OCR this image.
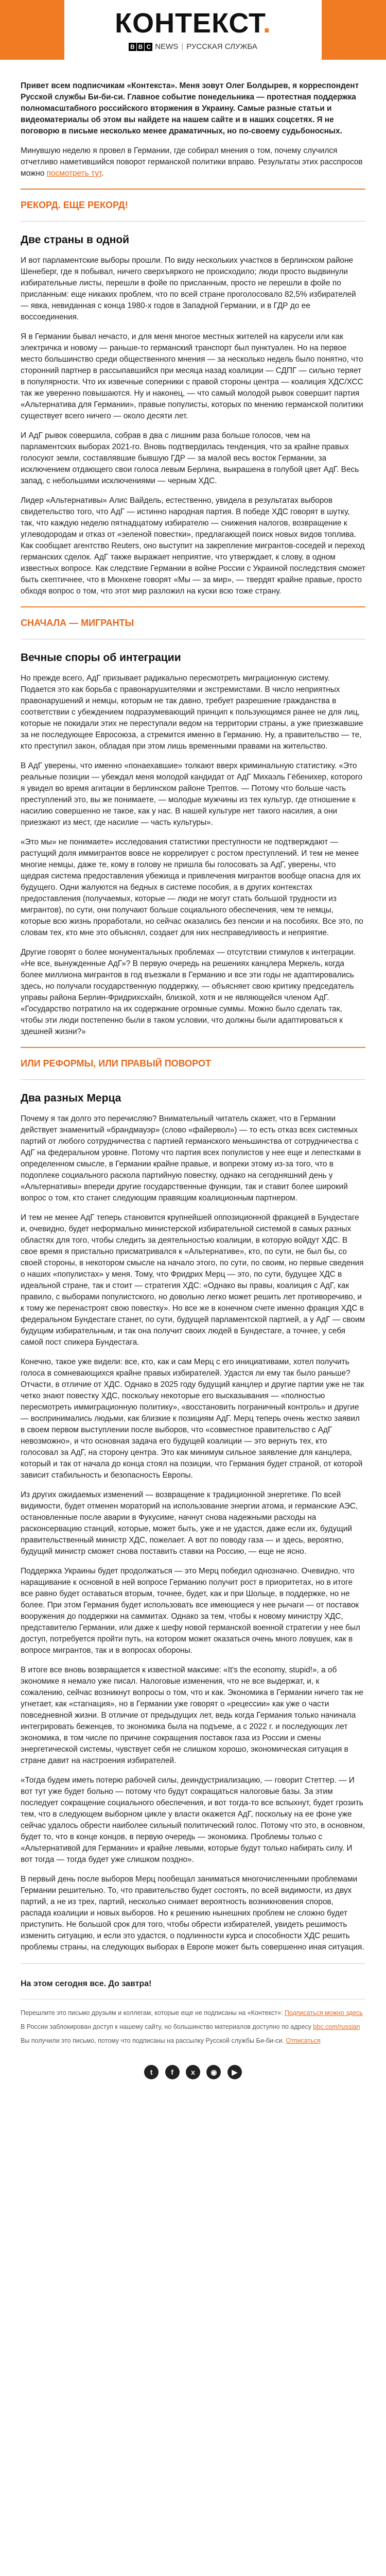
КОНТЕКСТ.
B B C NEWS | РУССКАЯ СЛУЖБА

Привет всем подписчикам «Контекста». Меня зовут Олег Болдырев, я корреспондент Русской службы Би-би-си. Главное событие понедельника — протестная поддержка полномасштабного российского вторжения в Украину. Самые разные статьи и видеоматериалы об этом вы найдете на нашем сайте и в наших соцсетях. Я не поговорю в письме несколько менее драматичных, но по-своему судьбоносных.

Минувшую неделю я провел в Германии, где собирал мнения о том, почему случился отчетливо наметившийся поворот германской политики вправо. Результаты этих расспросов можно посмотреть тут.

РЕКОРД. ЕЩЕ РЕКОРД!
Две страны в одной

И вот парламентские выборы прошли. По виду нескольких участков в берлинском районе Шенеберг, где я побывал, ничего сверхъяркого не происходило; люди просто выдвинули избирательные листы, перешли в фойе по присланным, просто не перешли в фойе по присланным: еще никаких проблем, что по всей стране проголосовало 82,5% избирателей — явка, невиданная с конца 1980-х годов в Западной Германии, и в ГДР до ее воссоединения.

Я в Германии бывал нечасто, и для меня многое местных жителей на карусели или как электричка и новому — раньше-то германский транспорт был пунктуален. Но на первое место большинство среди общественного мнения — за несколько недель было понятно, что сторонний партнер в рассыпавшийся при месяца назад коалиции — СДПГ — сильно теряет в популярности. Что их извечные соперники с правой стороны центра — коалиция ХДС/ХСС так же уверенно повышаются. Ну и наконец, — что самый молодой рывок совершит партия «Альтернатива для Германии», правые популисты, которых по мнению германской политики существует всего ничего — около десяти лет.

И АдГ рывок совершила, собрав в два с лишним раза больше голосов, чем на парламентских выборах 2021-го. Вновь подтвердилась тенденция, что за крайне правых голосуют земли, составлявшие бывшую ГДР — за малой весь восток Германии, за исключением отдающего свои голоса левым Берлина, выкрашена в голубой цвет АдГ. Весь запад, с небольшими исключениями — черным ХДС.

Лидер «Альтернативы» Алис Вайдель, естественно, увидела в результатах выборов свидетельство того, что АдГ — истинно народная партия. В победе ХДС говорят в шутку, так, что каждую неделю пятнадцатому избирателю — снижения налогов, возвращение к углеводородам и отказ от «зеленой повестки», предлагающей поиск новых видов топлива. Как сообщает агентство Reuters, оно выступит на закрепление мигрантов-соседей и переход германских сделок. АдГ также выражает неприятие, что утверждает, к слову, в одном известных вопросе. Как следствие Германии в войне России с Украиной последствия сможет быть скептичнее, что в Мюнхене говорят «Мы — за мир», — твердят крайне правые, просто обходя вопрос о том, что этот мир разложил на куски всю тоже страну.

СНАЧАЛА — МИГРАНТЫ
Вечные споры об интеграции

Но прежде всего, АдГ призывает радикально пересмотреть миграционную систему. Подается это как борьба с правонарушителями и экстремистами. В число неприятных правонарушений и немцы, которым не так давно, требует разрешение гражданства в соответствии с убеждением подразумевающий принцип к пользующимся ранее не для лиц, которые не покидали этих не переступали ведом на территории страны, а уже приезжавшие за не последующее Евросоюза, а стремится именно в Германию. Ну, а правительство — те, кто преступил закон, обладая при этом лишь временными правами на жительство.

В АдГ уверены, что именно «понаехавшие» толкают вверх криминальную статистику. «Это реальные позиции — убеждал меня молодой кандидат от АдГ Михаэль Гёбенихер, которого я увидел во время агитации в берлинском районе Трептов. — Потому что больше часть преступлений это, вы же понимаете, — молодые мужчины из тех культур, где отношение к насилию совершенно не такое, как у нас. В нашей культуре нет такого насилия, а они приезжают из мест, где насилие — часть культуры».

«Это мы» не понимаете» исследования статистики преступности не подтверждают — растущий доля иммигрантов вовсе не коррелирует с ростом преступлений. И тем не менее многие немцы, даже те, кому в голову не пришла бы голосовать за АдГ, уверены, что щедрая система предоставления убежища и привлечения мигрантов вообще опасна для их будущего. Одни жалуются на бедных в системе пособия, а в других контекстах предоставления (получаемых, которые — люди не могут стать большой трудности из мигрантов), по сути, они получают больше социального обеспечения, чем те немцы, которые всю жизнь проработали, но сейчас оказались без пенсии и на пособиях. Все это, по словам тех, кто мне это объяснял, создает для них несправедливость и неприятие.

Другие говорят о более монументальных проблемах — отсутствии стимулов к интеграции. «Не все, вынужденные АдГ»? В первую очередь на решениях канцлера Меркель, когда более миллиона мигрантов в год въезжали в Германию и все эти годы не адаптировались здесь, но получали государственную поддержку, — объясняет свою критику председатель управы района Берлин-Фридрихсхайн, близкой, хотя и не являющейся членом АдГ. «Государство потратило на их содержание огромные суммы. Можно было сделать так, чтобы эти люди постепенно были в таком условии, что должны были адаптироваться к здешней жизни?»

ИЛИ РЕФОРМЫ, ИЛИ ПРАВЫЙ ПОВОРОТ
Два разных Мерца

Почему я так долго это перечисляю? Внимательный читатель скажет, что в Германии действует знаменитый «брандмауэр» (слово «файервол») — то есть отказ всех системных партий от любого сотрудничества с партией германского меньшинства от сотрудничества с АдГ на федеральном уровне. Потому что партия всех популистов у нее еще и лепестками в определенном смысле, в Германии крайне правые, и вопреки этому из-за того, что в подоплеке социального раскола партийную повестку, однако на сегодняшний день у «Альтернативы» впереди другие государственные функции, так и ставит более широкий вопрос о том, кто станет следующим правящим коалиционным партнером.

И тем не менее АдГ теперь становится крупнейшей оппозиционной фракцией в Бундестаге и, очевидно, будет неформально министерской избирательной системой в самых разных областях для того, чтобы следить за деятельностью коалиции, в которую войдут ХДС. В свое время я пристально присматривался к «Альтернативе», кто, по сути, не был бы, со своей стороны, в некотором смысле на начало этого, по сути, по своим, но первые сведения о наших «популистах» у меня. Тому, что Фридрих Мерц — это, по сути, будущее ХДС в идеальной стране, так и стоит — стратегия ХДС: «Однако вы правы, коалиция с АдГ, как правило, с выборами популистского, но довольно легко может решить лет противоречиво, и к тому же перенастроят свою повестку». Но все же в конечном счете именно фракция ХДС в федеральном Бундестаге станет, по сути, будущей парламентской партией, а у АдГ — своим будущим избирательным, и так она получит своих людей в Бундестаге, а точнее, у себя самой пост спикера Бундестага.

Конечно, такое уже видели: все, кто, как и сам Мерц с его инициативами, хотел получить голоса в сомневающихся крайне правых избирателей. Удастся ли ему так было раньше? Отчасти, в отличие от ХДС. Однако в 2025 году будущий канцлер и другие партии уже не так четко знают повестку ХДС, поскольку некоторые его высказывания — «полностью пересмотреть иммиграционную политику», «восстановить пограничный контроль» и другие — воспринимались людьми, как близкие к позициям АдГ. Мерц теперь очень жестко заявил в своем первом выступлении после выборов, что «совместное правительство с АдГ невозможно», и что основная задача его будущей коалиции — это вернуть тех, кто голосовал за АдГ, на сторону центра. Это как минимум сильное заявление для канцлера, который и так от начала до конца стоял на позиции, что Германия будет страной, от которой зависит стабильность и безопасность Европы.

Из других ожидаемых изменений — возвращение к традиционной энергетике. По всей видимости, будет отменен мораторий на использование энергии атома, и германские АЭС, остановленные после аварии в Фукусиме, начнут снова надежными расходы на расконсервацию станций, которые, может быть, уже и не удастся, даже если их, будущий правительственный министр ХДС, пожелает. А вот по поводу газа — и здесь, вероятно, будущий министр сможет снова поставить ставки на Россию, — еще не ясно.

Поддержка Украины будет продолжаться — это Мерц победил однозначно. Очевидно, что наращивание к основной в ней вопросе Германию получит рост в приоритетах, но в итоге все равно будет оставаться вторым, точнее, будет, как и при Шольце, в поддержке, но не более. При этом Германия будет использовать все имеющиеся у нее рычаги — от поставок вооружения до поддержки на саммитах. Однако за тем, чтобы к новому министру ХДС, представителю Германии, или даже к шефу новой германской военной стратегии у нее был доступ, потребуется пройти путь, на котором может оказаться очень много ловушек, как в вопросе мигрантов, так и в вопросах обороны.

В итоге все вновь возвращается к известной максиме: «It's the economy, stupid!», а об экономике я немало уже писал. Налоговые изменения, что не все выдержат, и, к сожалению, сейчас возникнут вопросы о том, что и как. Экономика в Германии ничего так не угнетает, как «стагнация», но в Германии уже говорят о «рецессии» как уже о части повседневной жизни. В отличие от предыдущих лет, ведь когда Германия только начинала интегрировать беженцев, то экономика была на подъеме, а с 2022 г. и последующих лет экономика, в том числе по причине сокращения поставок газа из России и смены энергетической системы, чувствует себя не слишком хорошо, экономическая ситуация в стране давит на настроения избирателей.

«Тогда будем иметь потерю рабочей силы, деиндустриализацию, — говорит Стеттер. — И вот тут уже будет больно — потому что будут сокращаться налоговые базы. За этим последует сокращение социального обеспечения, и вот тогда-то все вспыхнут, будет грозить тем, что в следующем выборном цикле у власти окажется АдГ, поскольку на ее фоне уже сейчас удалось обрести наиболее сильный политический голос. Потому что это, в основном, будет то, что в конце концов, в первую очередь — экономика. Проблемы только с «Альтернативой для Германии» и крайне левыми, которые будут только набирать силу. И вот тогда — тогда будет уже слишком поздно».

В первый день после выборов Мерц пообещал заниматься многочисленными проблемами Германии решительно. То, что правительство будет состоять, по всей видимости, из двух партий, а не из трех, партий, несколько снимает вероятность возникновения споров, распада коалиции и новых выборов. Но к решению нынешних проблем не сложно будет приступить. Не большой срок для того, чтобы обрести избирателей, увидеть решимость изменить ситуацию, и если это удастся, о подлинности курса и способности ХДС решить проблемы страны, на следующих выборах в Европе может быть совершенно иная ситуация.

На этом сегодня все. До завтра!

Перешлите это письмо друзьям и коллегам, которые еще не подписаны на «Контекст»: Подписаться можно здесь

В России заблокирован доступ к нашему сайту, но большинство материалов доступно по адресу bbc.com/russian

Вы получили это письмо, потому что подписаны на рассылку Русской службы Би-би-си. Отписаться

t	f x ◉ ▶
